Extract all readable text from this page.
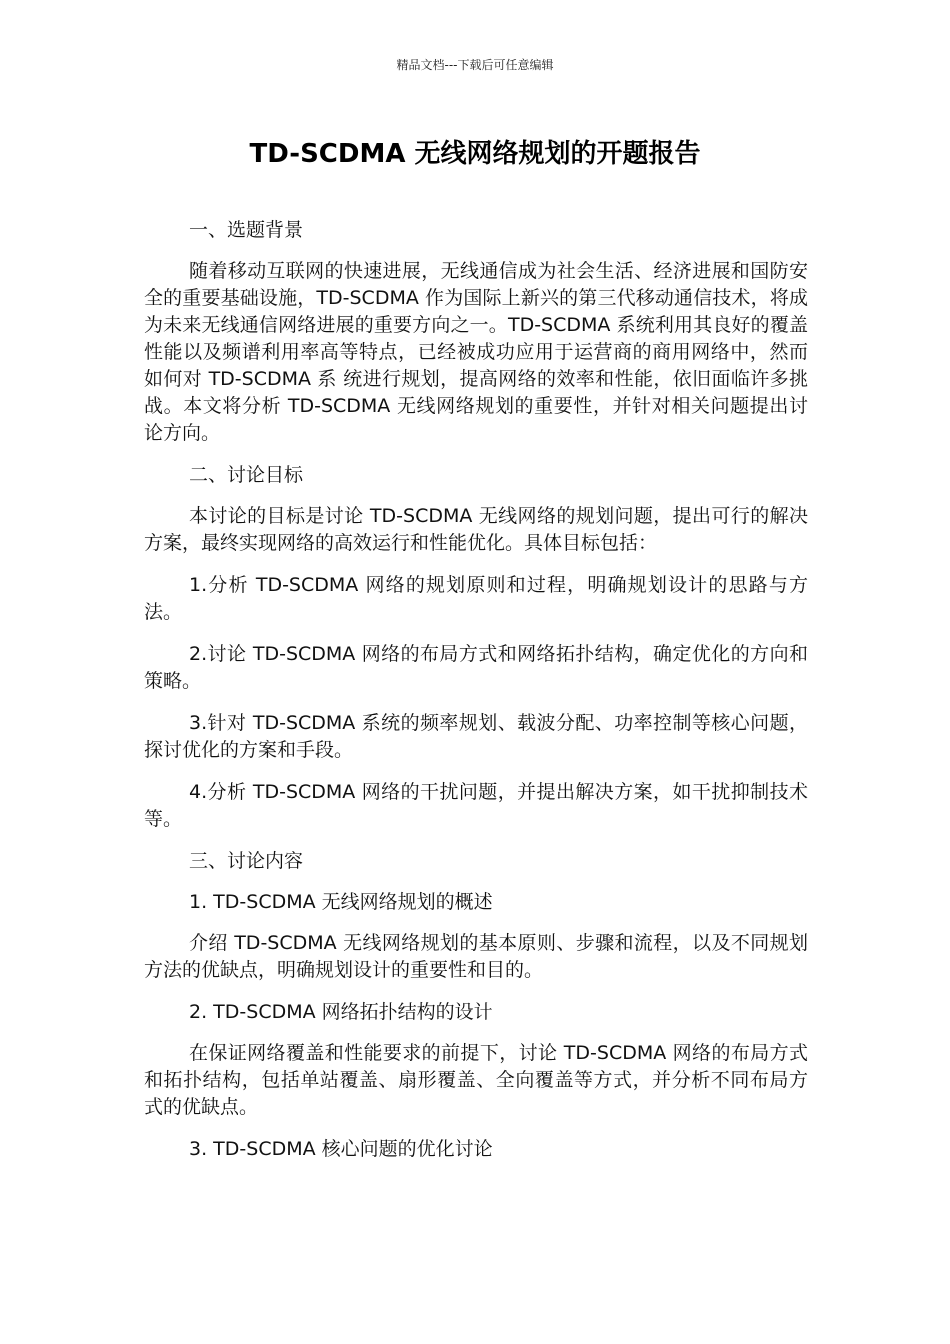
精品文档---下载后可任意编辑
TD-SCDMA 无线网络规划的开题报告

一、选题背景

随着移动互联网的快速进展，无线通信成为社会生活、经济进展和国防安全的重要基础设施，TD-SCDMA 作为国际上新兴的第三代移动通信技术，将成为未来无线通信网络进展的重要方向之一。TD-SCDMA 系统利用其良好的覆盖性能以及频谱利用率高等特点，已经被成功应用于运营商的商用网络中，然而如何对 TD-SCDMA 系 统进行规划，提高网络的效率和性能，依旧面临许多挑战。本文将分析 TD-SCDMA 无线网络规划的重要性，并针对相关问题提出讨论方向。

二、讨论目标

本讨论的目标是讨论 TD-SCDMA 无线网络的规划问题，提出可行的解决方案，最终实现网络的高效运行和性能优化。具体目标包括：

1.分析 TD-SCDMA 网络的规划原则和过程，明确规划设计的思路与方法。

2.讨论 TD-SCDMA 网络的布局方式和网络拓扑结构，确定优化的方向和策略。

3.针对 TD-SCDMA 系统的频率规划、载波分配、功率控制等核心问题，探讨优化的方案和手段。

4.分析 TD-SCDMA 网络的干扰问题，并提出解决方案，如干扰抑制技术等。

三、讨论内容

1. TD-SCDMA 无线网络规划的概述

介绍 TD-SCDMA 无线网络规划的基本原则、步骤和流程，以及不同规划方法的优缺点，明确规划设计的重要性和目的。

2. TD-SCDMA 网络拓扑结构的设计

在保证网络覆盖和性能要求的前提下，讨论 TD-SCDMA 网络的布局方式和拓扑结构，包括单站覆盖、扇形覆盖、全向覆盖等方式，并分析不同布局方式的优缺点。

3. TD-SCDMA 核心问题的优化讨论
